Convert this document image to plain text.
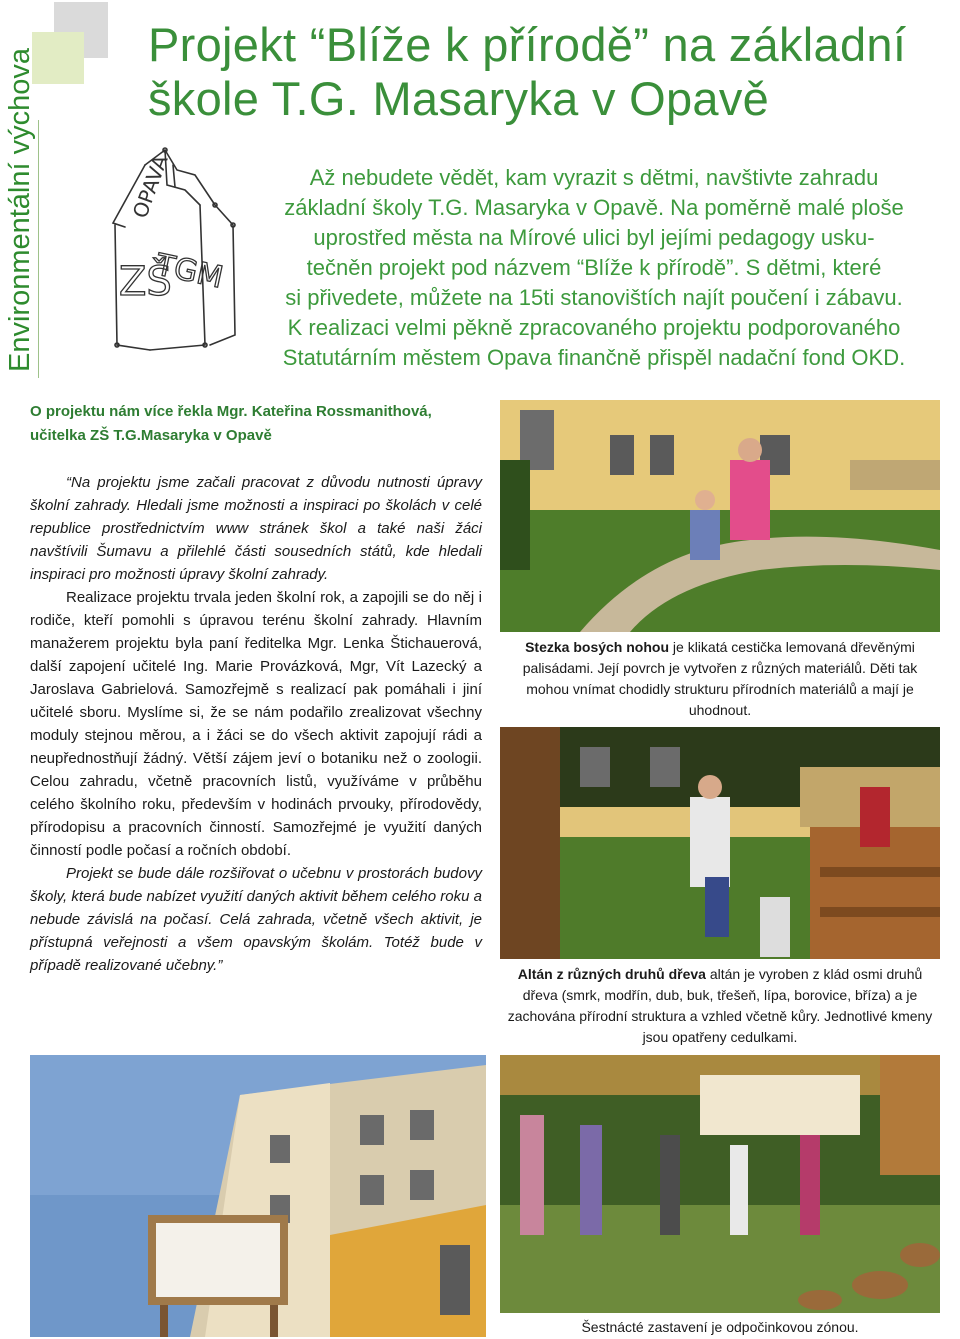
Environmentální výchova
Projekt “Blíže k přírodě” na základní
škole T.G. Masaryka v Opavě
OPAVA
ZŠ
TGM
Až nebudete vědět, kam vyrazit s dětmi, navštivte zahradu
základní školy T.G. Masaryka v Opavě. Na poměrně malé ploše
uprostřed města na Mírové ulici byl jejími pedagogy usku-
tečněn projekt pod názvem “Blíže k přírodě”. S dětmi, které
si přivedete, můžete na 15ti stanovištích najít poučení i zábavu.
K realizaci velmi pěkně zpracovaného projektu podporovaného
Statutárním městem Opava finančně přispěl nadační fond OKD.
O projektu nám více řekla Mgr. Kateřina Rossmanithová,
učitelka ZŠ T.G.Masaryka v Opavě

“Na projektu jsme začali pracovat z důvodu nutnosti úpravy školní zahrady. Hledali jsme možnosti a inspiraci po školách v celé republice prostřednictvím www stránek škol a také naši žáci navštívili Šumavu a přilehlé části sousedních států, kde hledali inspiraci pro možnosti úpravy školní zahrady.

Realizace projektu trvala jeden školní rok, a zapojili se do něj i rodiče, kteří pomohli s úpravou terénu školní zahrady. Hlavním manažerem projektu byla paní ředitelka Mgr. Lenka Štichauerová, další zapojení učitelé Ing. Marie Provázková, Mgr, Vít Lazecký a Jaroslava Gabrielová. Samozřejmě s realizací pak pomáhali i jiní učitelé sboru. Myslíme si, že se nám podařilo zrealizovat všechny moduly stejnou měrou, a i žáci se do všech aktivit zapojují rádi a neupřednostňují žádný. Větší zájem jeví o botaniku než o zoologii. Celou zahradu, včetně pracovních listů, využíváme v průběhu celého školního roku, především v hodinách prvouky, přírodovědy, přírodopisu a pracovních činností. Samozřejmé je využití daných činností podle počasí a ročních období.

Projekt se bude dále rozšiřovat o učebnu v prostorách budovy školy, která bude nabízet využití daných aktivit během celého roku a nebude závislá na počasí. Celá zahrada, včetně všech aktivit, je přístupná veřejnosti a všem opavským školám. Totéž bude v případě realizované učebny.”

Stezka bosých nohou je klikatá cestička lemovaná dřevěnými palisádami. Její povrch je vytvořen z různých materiálů. Děti tak mohou vnímat chodidly strukturu přírodních materiálů a mají je uhodnout.
Altán z různých druhů dřeva altán je vyroben z klád osmi druhů dřeva (smrk, modřín, dub, buk, třešeň, lípa, borovice, bříza) a je zachována přírodní struktura a vzhled včetně kůry. Jednotlivé kmeny jsou opatřeny cedulkami.
Šestnácté zastavení je odpočinkovou zónou.
